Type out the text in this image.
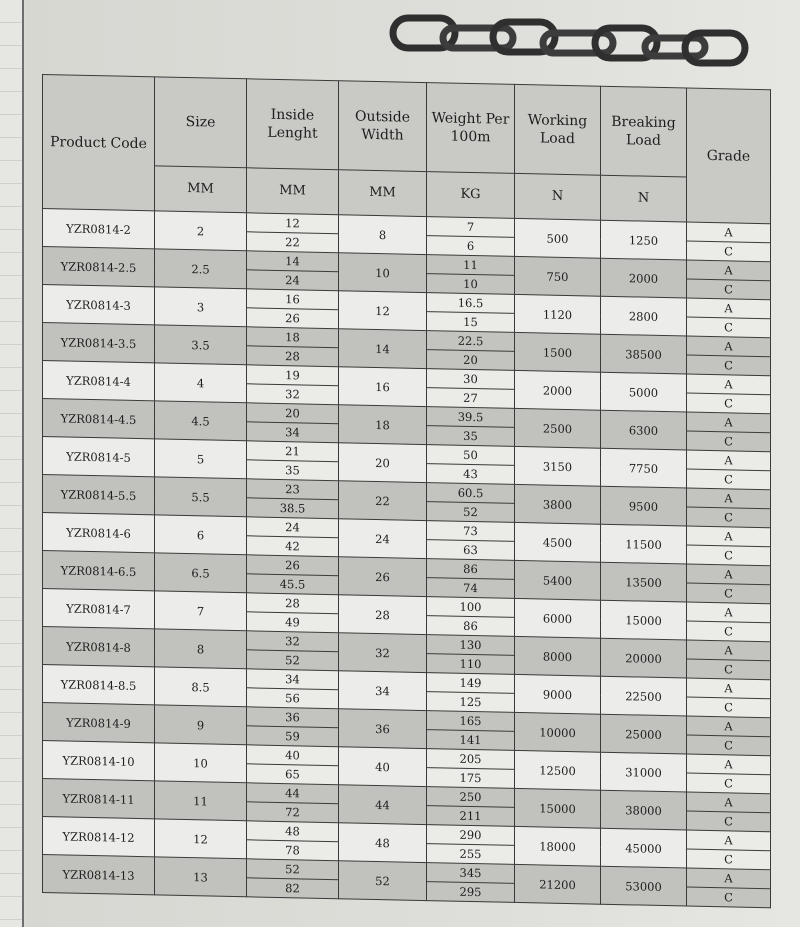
Product Code	Size	Inside Lenght	Outside Width	Weight Per 100m	Working Load	Breaking Load	Grade
	MM	MM	MM	KG	N	N	
YZR0814-2	2	12	8	7	500	1250	A
		22		6			C
YZR0814-2.5	2.5	14	10	11	750	2000	A
		24		10			C
YZR0814-3	3	16	12	16.5	1120	2800	A
		26		15			C
YZR0814-3.5	3.5	18	14	22.5	1500	38500	A
		28		20			C
YZR0814-4	4	19	16	30	2000	5000	A
		32		27			C
YZR0814-4.5	4.5	20	18	39.5	2500	6300	A
		34		35			C
YZR0814-5	5	21	20	50	3150	7750	A
		35		43			C
YZR0814-5.5	5.5	23	22	60.5	3800	9500	A
		38.5		52			C
YZR0814-6	6	24	24	73	4500	11500	A
		42		63			C
YZR0814-6.5	6.5	26	26	86	5400	13500	A
		45.5		74			C
YZR0814-7	7	28	28	100	6000	15000	A
		49		86			C
YZR0814-8	8	32	32	130	8000	20000	A
		52		110			C
YZR0814-8.5	8.5	34	34	149	9000	22500	A
		56		125			C
YZR0814-9	9	36	36	165	10000	25000	A
		59		141			C
YZR0814-10	10	40	40	205	12500	31000	A
		65		175			C
YZR0814-11	11	44	44	250	15000	38000	A
		72		211			C
YZR0814-12	12	48	48	290	18000	45000	A
		78		255			C
YZR0814-13	13	52	52	345	21200	53000	A
		82		295			C
